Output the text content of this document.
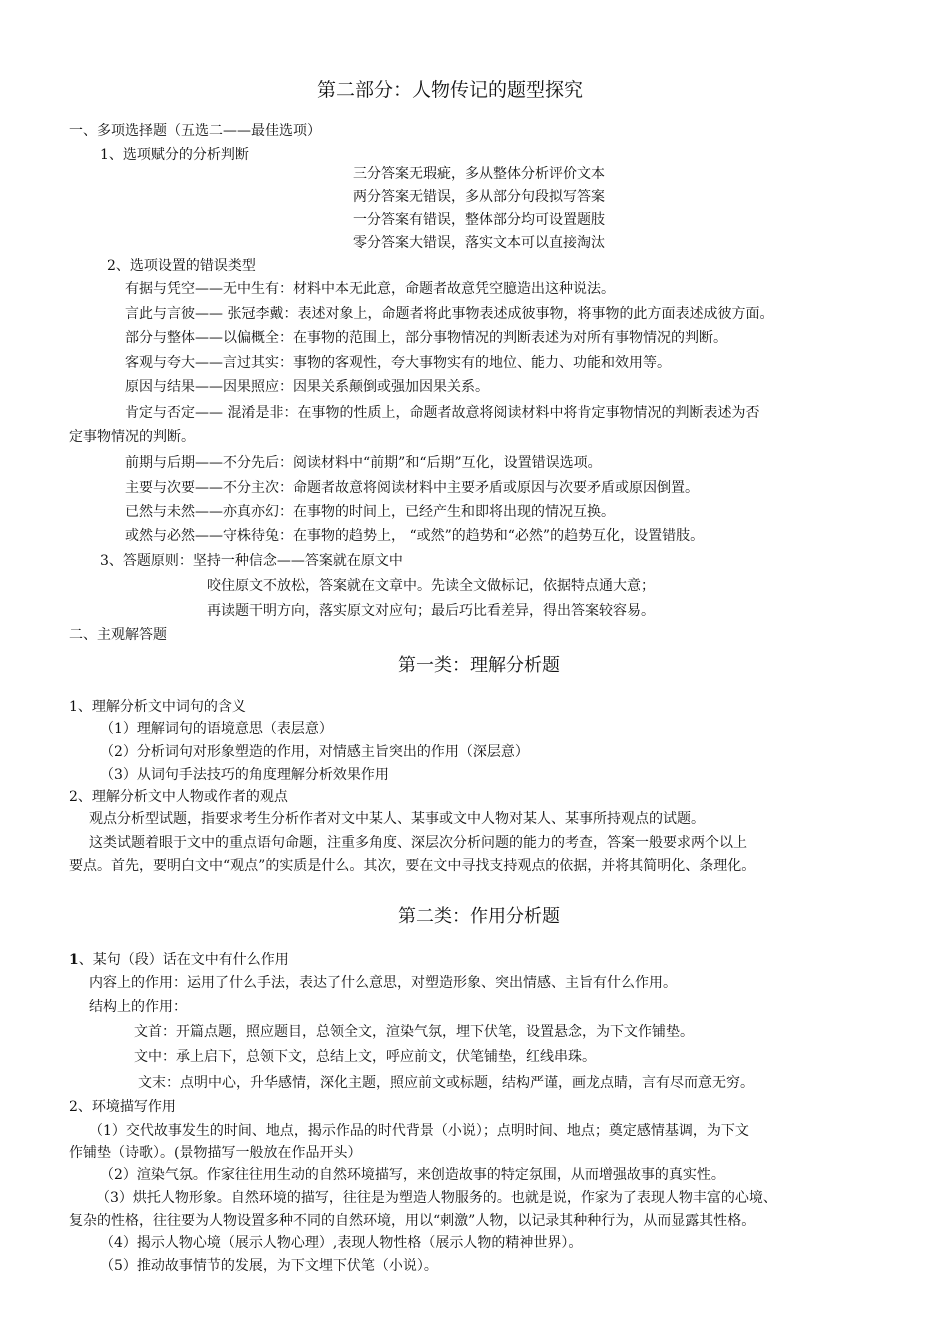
第二部分：人物传记的题型探究
一、多项选择题（五选二——最佳选项）
1、选项赋分的分析判断
三分答案无瑕疵，多从整体分析评价文本
两分答案无错误，多从部分句段拟写答案
一分答案有错误，整体部分均可设置题肢
零分答案大错误，落实文本可以直接淘汰
2、选项设置的错误类型
有据与凭空——无中生有：材料中本无此意，命题者故意凭空臆造出这种说法。
言此与言彼—— 张冠李戴：表述对象上，命题者将此事物表述成彼事物，将事物的此方面表述成彼方面。
部分与整体——以偏概全：在事物的范围上，部分事物情况的判断表述为对所有事物情况的判断。
客观与夸大——言过其实：事物的客观性，夸大事物实有的地位、能力、功能和效用等。
原因与结果——因果照应：因果关系颠倒或强加因果关系。
肯定与否定—— 混淆是非：在事物的性质上，命题者故意将阅读材料中将肯定事物情况的判断表述为否
定事物情况的判断。
前期与后期——不分先后：阅读材料中“前期”和“后期”互化，设置错误选项。
主要与次要——不分主次：命题者故意将阅读材料中主要矛盾或原因与次要矛盾或原因倒置。
已然与未然——亦真亦幻：在事物的时间上，已经产生和即将出现的情况互换。
或然与必然——守株待兔：在事物的趋势上， “或然”的趋势和“必然”的趋势互化，设置错肢。
3、答题原则：坚持一种信念——答案就在原文中
咬住原文不放松，答案就在文章中。先读全文做标记，依据特点通大意；
再读题干明方向，落实原文对应句；最后巧比看差异，得出答案较容易。
二、主观解答题
第一类：理解分析题
1、理解分析文中词句的含义
（1）理解词句的语境意思（表层意）
（2）分析词句对形象塑造的作用，对情感主旨突出的作用（深层意）
（3）从词句手法技巧的角度理解分析效果作用
2、理解分析文中人物或作者的观点
观点分析型试题，指要求考生分析作者对文中某人、某事或文中人物对某人、某事所持观点的试题。
这类试题着眼于文中的重点语句命题，注重多角度、深层次分析问题的能力的考查，答案一般要求两个以上
要点。首先，要明白文中“观点”的实质是什么。其次，要在文中寻找支持观点的依据，并将其简明化、条理化。
第二类：作用分析题
1、某句（段）话在文中有什么作用
内容上的作用：运用了什么手法，表达了什么意思，对塑造形象、突出情感、主旨有什么作用。
结构上的作用：
文首：开篇点题，照应题目，总领全文，渲染气氛，埋下伏笔，设置悬念，为下文作铺垫。
文中：承上启下，总领下文，总结上文，呼应前文，伏笔铺垫，红线串珠。
文末：点明中心，升华感情，深化主题，照应前文或标题，结构严谨，画龙点睛，言有尽而意无穷。
2、环境描写作用
（1）交代故事发生的时间、地点，揭示作品的时代背景（小说）；点明时间、地点；奠定感情基调，为下文
作铺垫（诗歌）。(景物描写一般放在作品开头）
（2）渲染气氛。作家往往用生动的自然环境描写，来创造故事的特定氛围，从而增强故事的真实性。
（3）烘托人物形象。自然环境的描写，往往是为塑造人物服务的。也就是说，作家为了表现人物丰富的心境、
复杂的性格，往往要为人物设置多种不同的自然环境，用以“刺激”人物，以记录其种种行为，从而显露其性格。
（4）揭示人物心境（展示人物心理）,表现人物性格（展示人物的精神世界）。
（5）推动故事情节的发展，为下文埋下伏笔（小说）。
